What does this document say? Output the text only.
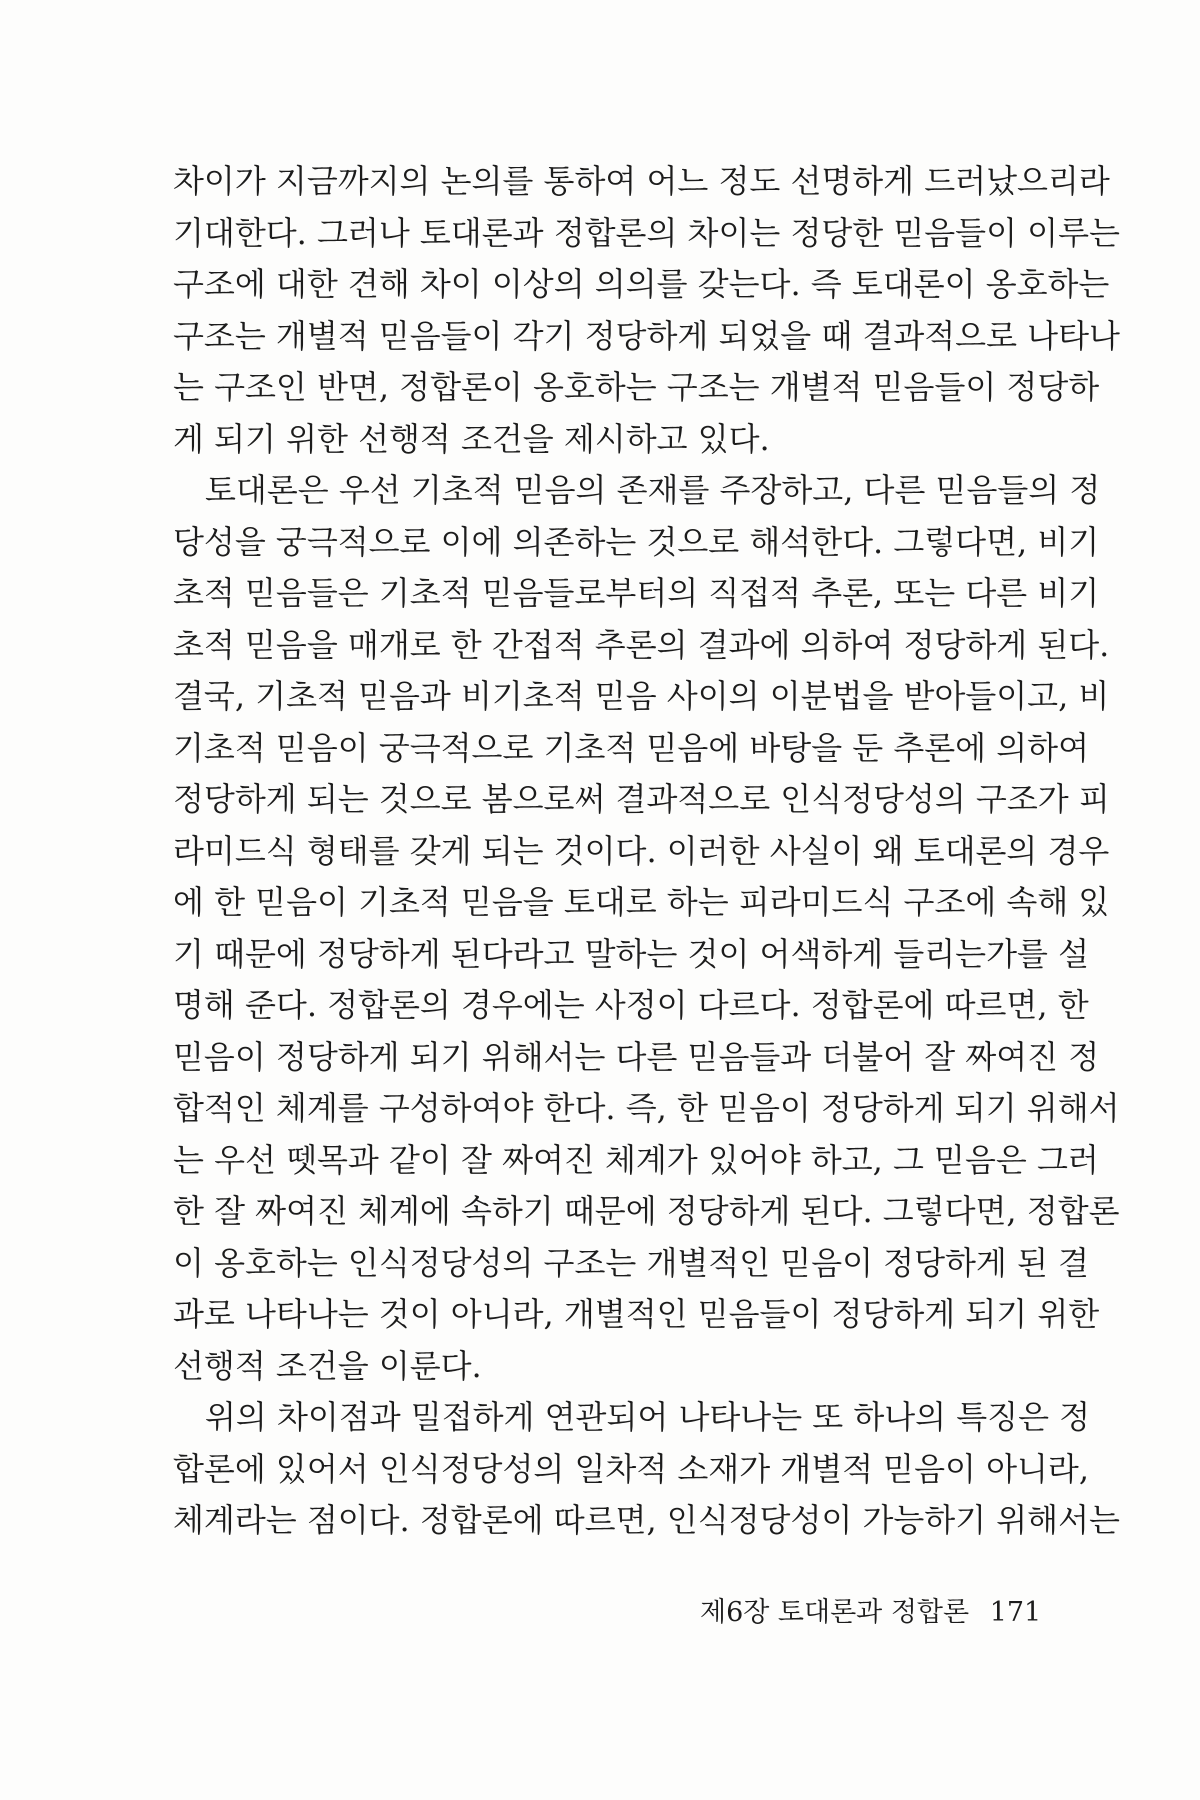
차이가 지금까지의 논의를 통하여 어느 정도 선명하게 드러났으리라
기대한다. 그러나 토대론과 정합론의 차이는 정당한 믿음들이 이루는
구조에 대한 견해 차이 이상의 의의를 갖는다. 즉 토대론이 옹호하는
구조는 개별적 믿음들이 각기 정당하게 되었을 때 결과적으로 나타나
는 구조인 반면, 정합론이 옹호하는 구조는 개별적 믿음들이 정당하
게 되기 위한 선행적 조건을 제시하고 있다.
토대론은 우선 기초적 믿음의 존재를 주장하고, 다른 믿음들의 정
당성을 궁극적으로 이에 의존하는 것으로 해석한다. 그렇다면, 비기
초적 믿음들은 기초적 믿음들로부터의 직접적 추론, 또는 다른 비기
초적 믿음을 매개로 한 간접적 추론의 결과에 의하여 정당하게 된다.
결국, 기초적 믿음과 비기초적 믿음 사이의 이분법을 받아들이고, 비
기초적 믿음이 궁극적으로 기초적 믿음에 바탕을 둔 추론에 의하여
정당하게 되는 것으로 봄으로써 결과적으로 인식정당성의 구조가 피
라미드식 형태를 갖게 되는 것이다. 이러한 사실이 왜 토대론의 경우
에 한 믿음이 기초적 믿음을 토대로 하는 피라미드식 구조에 속해 있
기 때문에 정당하게 된다라고 말하는 것이 어색하게 들리는가를 설
명해 준다. 정합론의 경우에는 사정이 다르다. 정합론에 따르면, 한
믿음이 정당하게 되기 위해서는 다른 믿음들과 더불어 잘 짜여진 정
합적인 체계를 구성하여야 한다. 즉, 한 믿음이 정당하게 되기 위해서
는 우선 뗏목과 같이 잘 짜여진 체계가 있어야 하고, 그 믿음은 그러
한 잘 짜여진 체계에 속하기 때문에 정당하게 된다. 그렇다면, 정합론
이 옹호하는 인식정당성의 구조는 개별적인 믿음이 정당하게 된 결
과로 나타나는 것이 아니라, 개별적인 믿음들이 정당하게 되기 위한
선행적 조건을 이룬다.
위의 차이점과 밀접하게 연관되어 나타나는 또 하나의 특징은 정
합론에 있어서 인식정당성의 일차적 소재가 개별적 믿음이 아니라,
체계라는 점이다. 정합론에 따르면, 인식정당성이 가능하기 위해서는
제6장 토대론과 정합론 171
